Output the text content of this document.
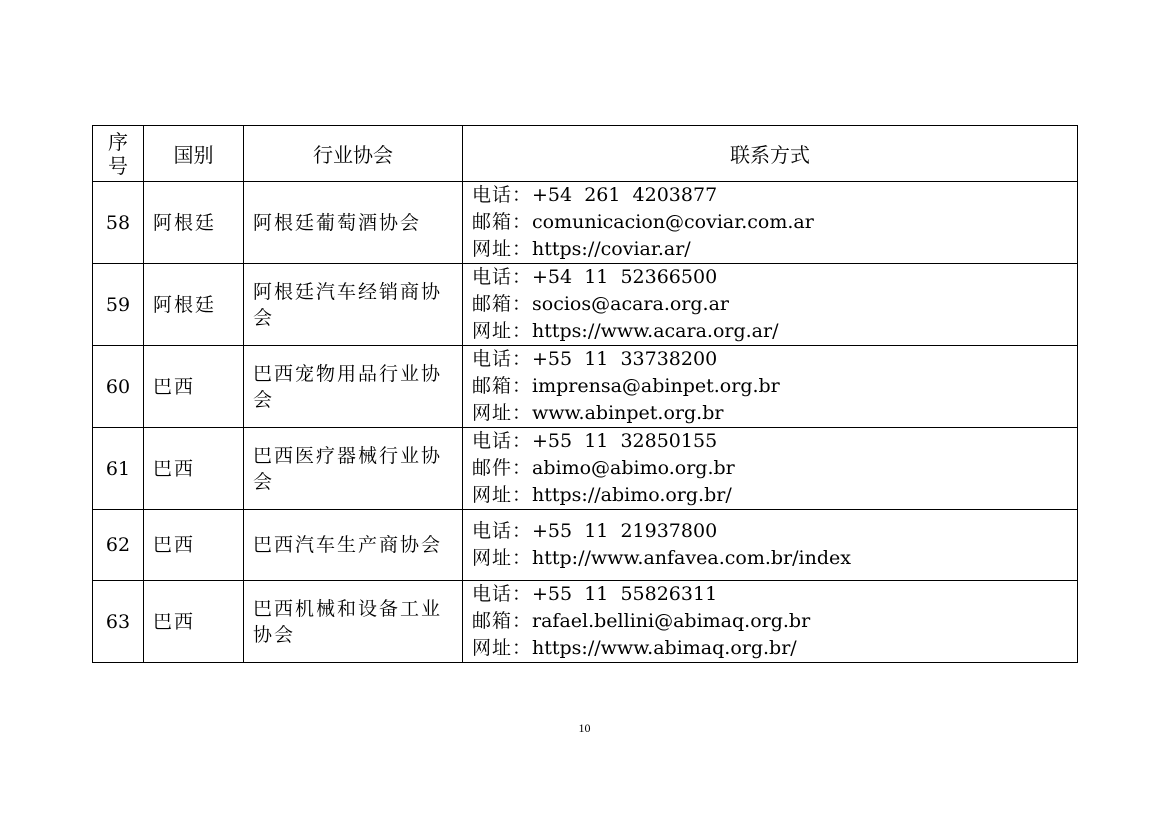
序
号	国别	行业协会	联系方式
58	阿根廷	阿根廷葡萄酒协会	电话：+54  261  4203877
邮箱：comunicacion@coviar.com.ar
网址：https://coviar.ar/

59	阿根廷	阿根廷汽车经销商协会	电话：+54  11  52366500
邮箱：socios@acara.org.ar
网址：https://www.acara.org.ar/

60	巴西	巴西宠物用品行业协会	电话：+55  11  33738200
邮箱：imprensa@abinpet.org.br
网址：www.abinpet.org.br

61	巴西	巴西医疗器械行业协会	电话：+55  11  32850155
邮件：abimo@abimo.org.br
网址：https://abimo.org.br/

62	巴西	巴西汽车生产商协会	电话：+55  11  21937800
网址：http://www.anfavea.com.br/index

63	巴西	巴西机械和设备工业协会	电话：+55  11  55826311
邮箱：rafael.bellini@abimaq.org.br
网址：https://www.abimaq.org.br/
10
